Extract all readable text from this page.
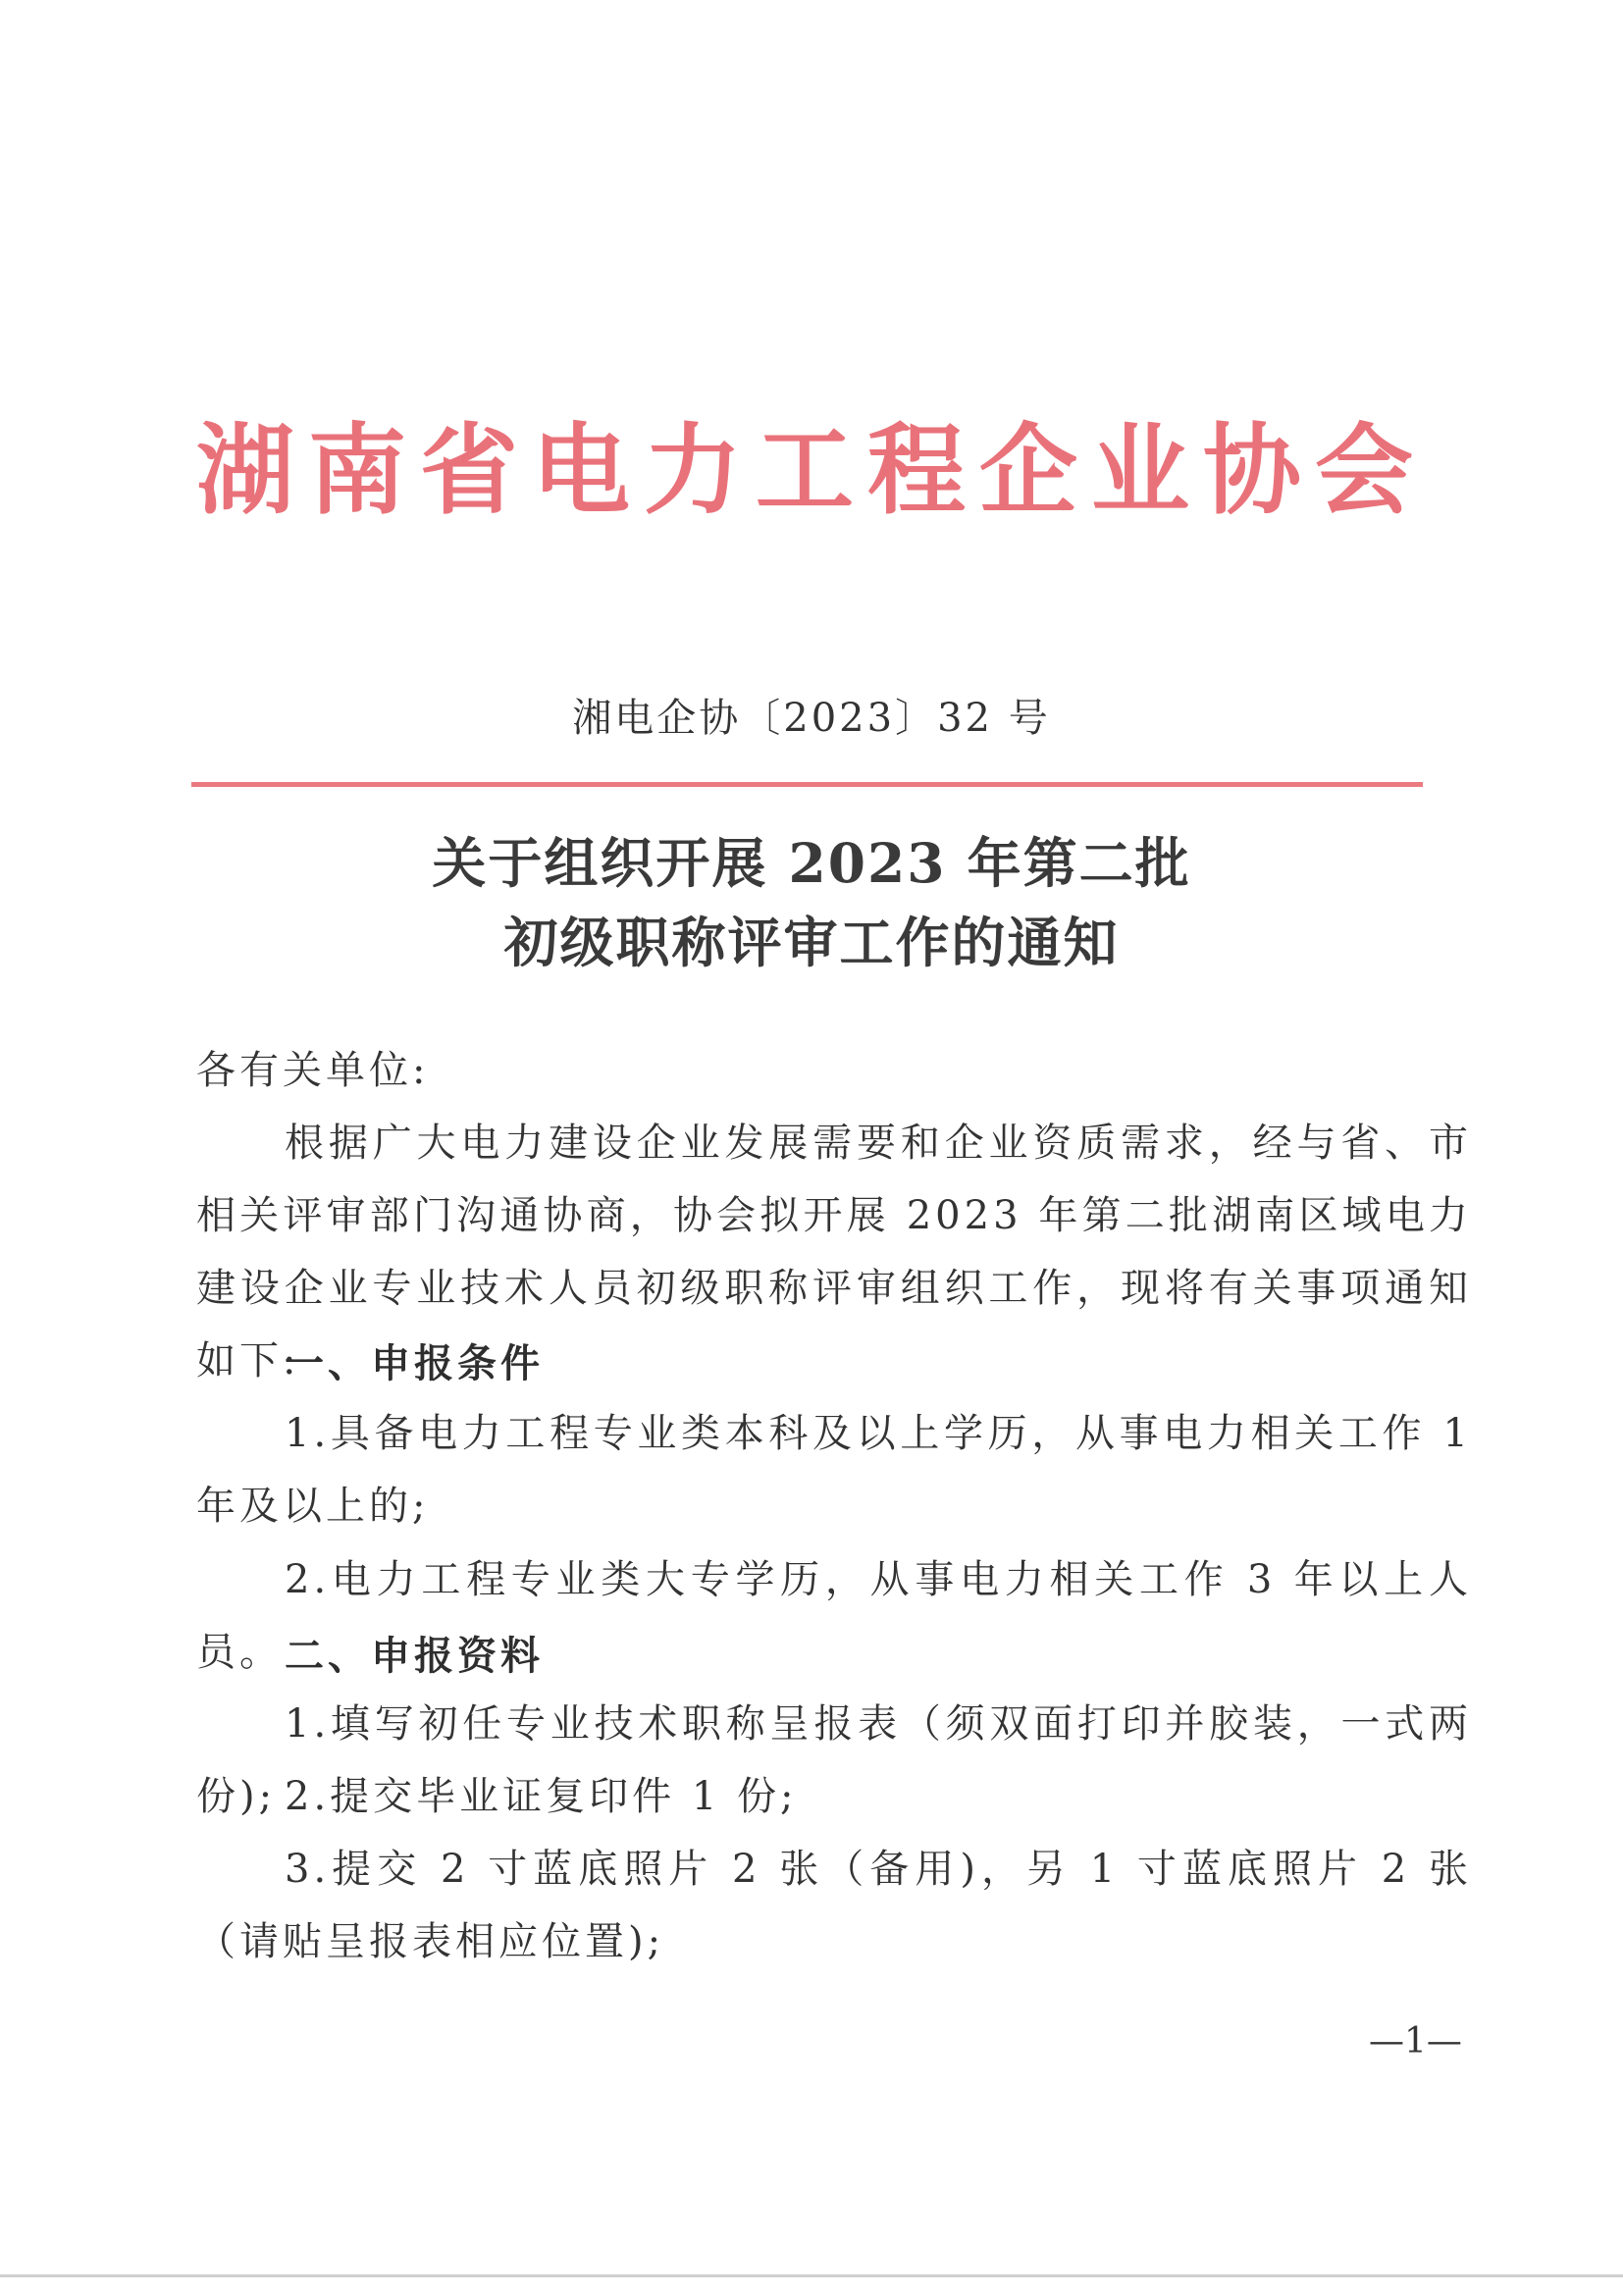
湖南省电力工程企业协会
湘电企协〔2023〕32 号
关于组织开展 2023 年第二批
初级职称评审工作的通知
各有关单位:
根据广大电力建设企业发展需要和企业资质需求，经与省、市相关评审部门沟通协商，协会拟开展 2023 年第二批湖南区域电力建设企业专业技术人员初级职称评审组织工作，现将有关事项通知如下:
一、申报条件
1.具备电力工程专业类本科及以上学历，从事电力相关工作 1 年及以上的;
2.电力工程专业类大专学历，从事电力相关工作 3 年以上人员。 二、申报资料
1.填写初任专业技术职称呈报表（须双面打印并胶装，一式两份); 2.提交毕业证复印件 1 份;
3.提交 2 寸蓝底照片 2 张（备用)，另 1 寸蓝底照片 2 张（请贴呈报表相应位置);
—1—
